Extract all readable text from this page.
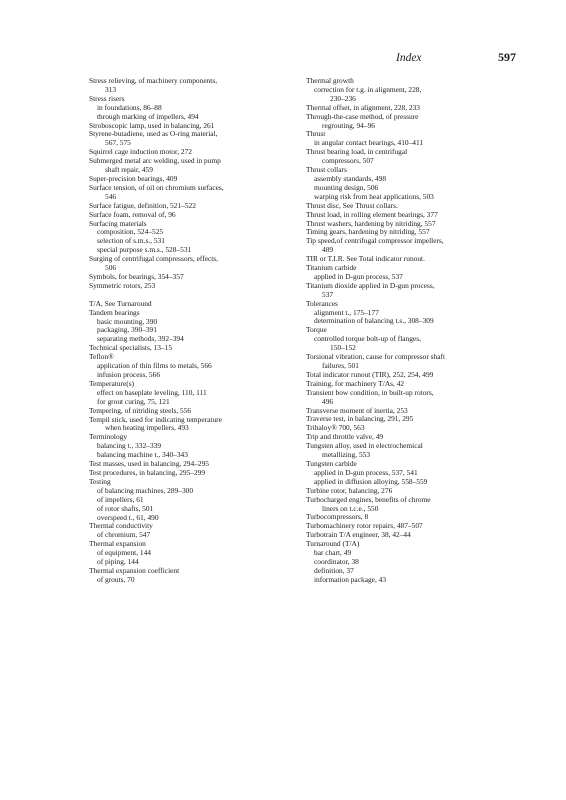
Index	597
Stress relieving, of machinery components,
313
Stress risers
in foundations, 86–88
through marking of impellers, 494
Stroboscopic lamp, used in balancing, 261
Styrene-butadiene, used as O-ring material,
567, 575
Squirrel cage induction motor, 272
Submerged metal arc welding, used in pump
shaft repair, 459
Super-precision bearings, 409
Surface tension, of oil on chromium surfaces,
546
Surface fatigue, definition, 521–522
Surface foam, removal of, 96
Surfacing materials
composition, 524–525
selection of s.m.s., 531
special purpose s.m.s., 528–531
Surging of centrifugal compressors, effects,
506
Symbols, for bearings, 354–357
Symmetric rotors, 253
T/A, See Turnaround
Tandem bearings
basic mounting, 390
packaging, 390–391
separating methods, 392–394
Technical specialists, 13–15
Teflon®
application of thin films to metals, 566
infusion process, 566
Temperature(s)
effect on baseplate leveling, 110, 111
for grout curing, 75, 121
Tempering, of nitriding steels, 556
Tempil stick, used for indicating temperature
when heating impellers, 493
Terminology
balancing t., 332–339
balancing machine t., 340–343
Test masses, used in balancing, 294–295
Test procedures, in balancing, 295–299
Testing
of balancing machines, 289–300
of impellers, 61
of rotor shafts, 501
overspeed t., 61, 490
Thermal conductivity
of chromium, 547
Thermal expansion
of equipment, 144
of piping, 144
Thermal expansion coefficient
of grouts, 70
Thermal growth
correction for t.g. in alignment, 228,
230–236
Thermal offset, in alignment, 228, 233
Through-the-case method, of pressure
regrouting, 94–96
Thrust
in angular contact bearings, 410–411
Thrust bearing load, in centrifugal
compressors, 507
Thrust collars
assembly standards, 498
mounting design, 506
warping risk from heat applications, 503
Thrust disc, See Thrust collars.
Thrust load, in rolling element bearings, 377
Thrust washers, hardening by nitriding, 557
Timing gears, hardening by nitriding, 557
Tip speed,of centrifugal compressor impellers,
489
TIR or T.I.R. See Total indicator runout.
Titanium carbide
applied in D-gun process, 537
Titanium dioxide applied in D-gun process,
537
Tolerances
alignment t., 175–177
determination of balancing t.s., 308–309
Torque
controlled torque bolt-up of flanges,
150–152
Torsional vibration, cause for compressor shaft
failures, 501
Total indicator runout (TIR), 252, 254, 499
Training, for machinery T/As, 42
Transient bow condition, in built-up rotors,
496
Transverse moment of inertia, 253
Traverse test, in balancing, 291, 295
Tribaloy® 700, 563
Trip and throttle valve, 49
Tungsten alloy, used in electrochemical
metallizing, 553
Tungsten carbide
applied in D-gun process, 537, 541
applied in diffusion alloying, 558–559
Turbine rotor, balancing, 276
Turbocharged engines, benefits of chrome
liners on t.c.e., 550
Turbocompressors, 8
Turbomachinery rotor repairs, 487–507
Turbotrain T/A engineer, 38, 42–44
Turnaround (T/A)
bar chart, 49
coordinator, 38
definition, 37
information package, 43
